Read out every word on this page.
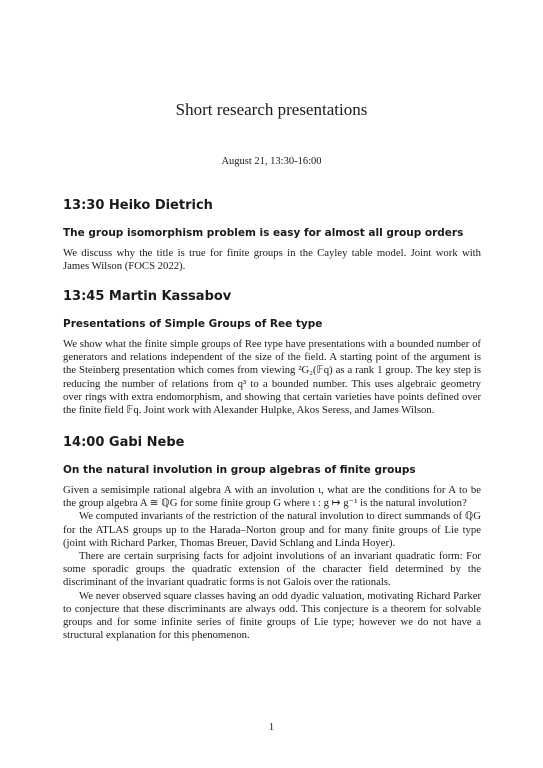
Short research presentations
August 21, 13:30-16:00
13:30 Heiko Dietrich
The group isomorphism problem is easy for almost all group orders

We discuss why the title is true for finite groups in the Cayley table model. Joint work with James Wilson (FOCS 2022).

13:45 Martin Kassabov
Presentations of Simple Groups of Ree type

We show what the finite simple groups of Ree type have presentations with a bounded number of generators and relations independent of the size of the field. A starting point of the argument is the Steinberg presentation which comes from viewing ²G₂(𝔽q) as a rank 1 group. The key step is reducing the number of relations from q³ to a bounded number. This uses algebraic geometry over rings with extra endomorphism, and showing that certain varieties have points defined over the finite field 𝔽q. Joint work with Alexander Hulpke, Akos Seress, and James Wilson.

14:00 Gabi Nebe
On the natural involution in group algebras of finite groups

Given a semisimple rational algebra A with an involution ι, what are the conditions for A to be the group algebra A ≅ ℚG for some finite group G where ι : g ↦ g⁻¹ is the natural involution?

We computed invariants of the restriction of the natural involution to direct summands of ℚG for the ATLAS groups up to the Harada–Norton group and for many finite groups of Lie type (joint with Richard Parker, Thomas Breuer, David Schlang and Linda Hoyer).

There are certain surprising facts for adjoint involutions of an invariant quadratic form: For some sporadic groups the quadratic extension of the character field determined by the discriminant of the invariant quadratic forms is not Galois over the rationals.

We never observed square classes having an odd dyadic valuation, motivating Richard Parker to conjecture that these discriminants are always odd. This conjecture is a theorem for solvable groups and for some infinite series of finite groups of Lie type; however we do not have a structural explanation for this phenomenon.

1
